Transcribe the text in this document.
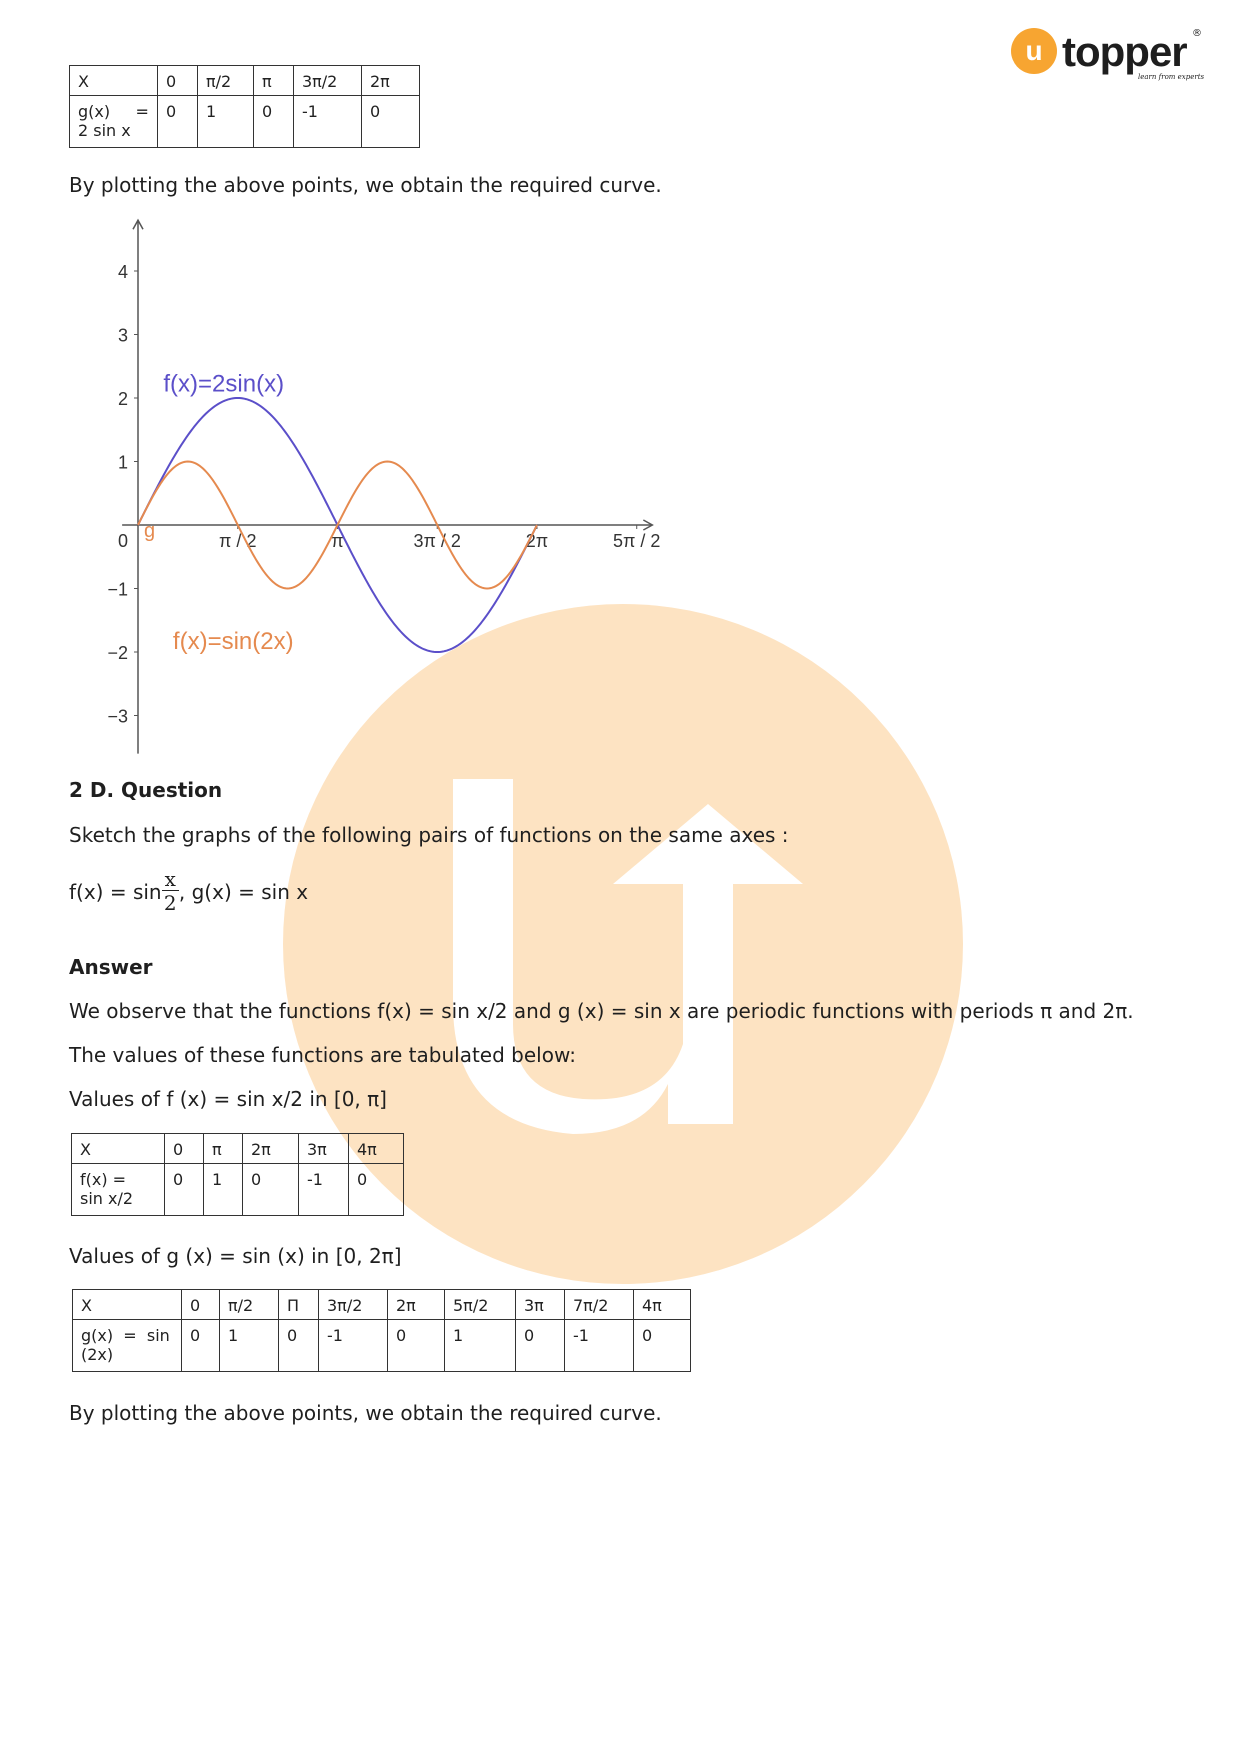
u topper ®
learn from experts
X	0	π/2	π	3π/2	2π
g(x)     =
2 sin x	0	1	0	-1	0
By plotting the above points, we obtain the required curve.
4
3
2
1
0
−1
−2
−3
π / 2	π	3π / 2	2π	5π / 2
g
f(x)=2sin(x)
f(x)=sin(2x)
2 D. Question
Sketch the graphs of the following pairs of functions on the same axes :
$f(x) = \sin \frac{x}{2}$ , g(x) = sin x
Answer
We observe that the functions f(x) = sin x/2 and g (x) = sin x are periodic functions with periods π and 2π.
The values of these functions are tabulated below:
Values of f (x) = sin x/2 in [0, π]
X	0	π	2π	3π	4π
f(x) =
sin x/2	0	1	0	-1	0
Values of g (x) = sin (x) in [0, 2π]
X	0	π/2	Π	3π/2	2π	5π/2	3π	7π/2	4π
g(x)  =  sin
(2x)	0	1	0	-1	0	1	0	-1	0
By plotting the above points, we obtain the required curve.
